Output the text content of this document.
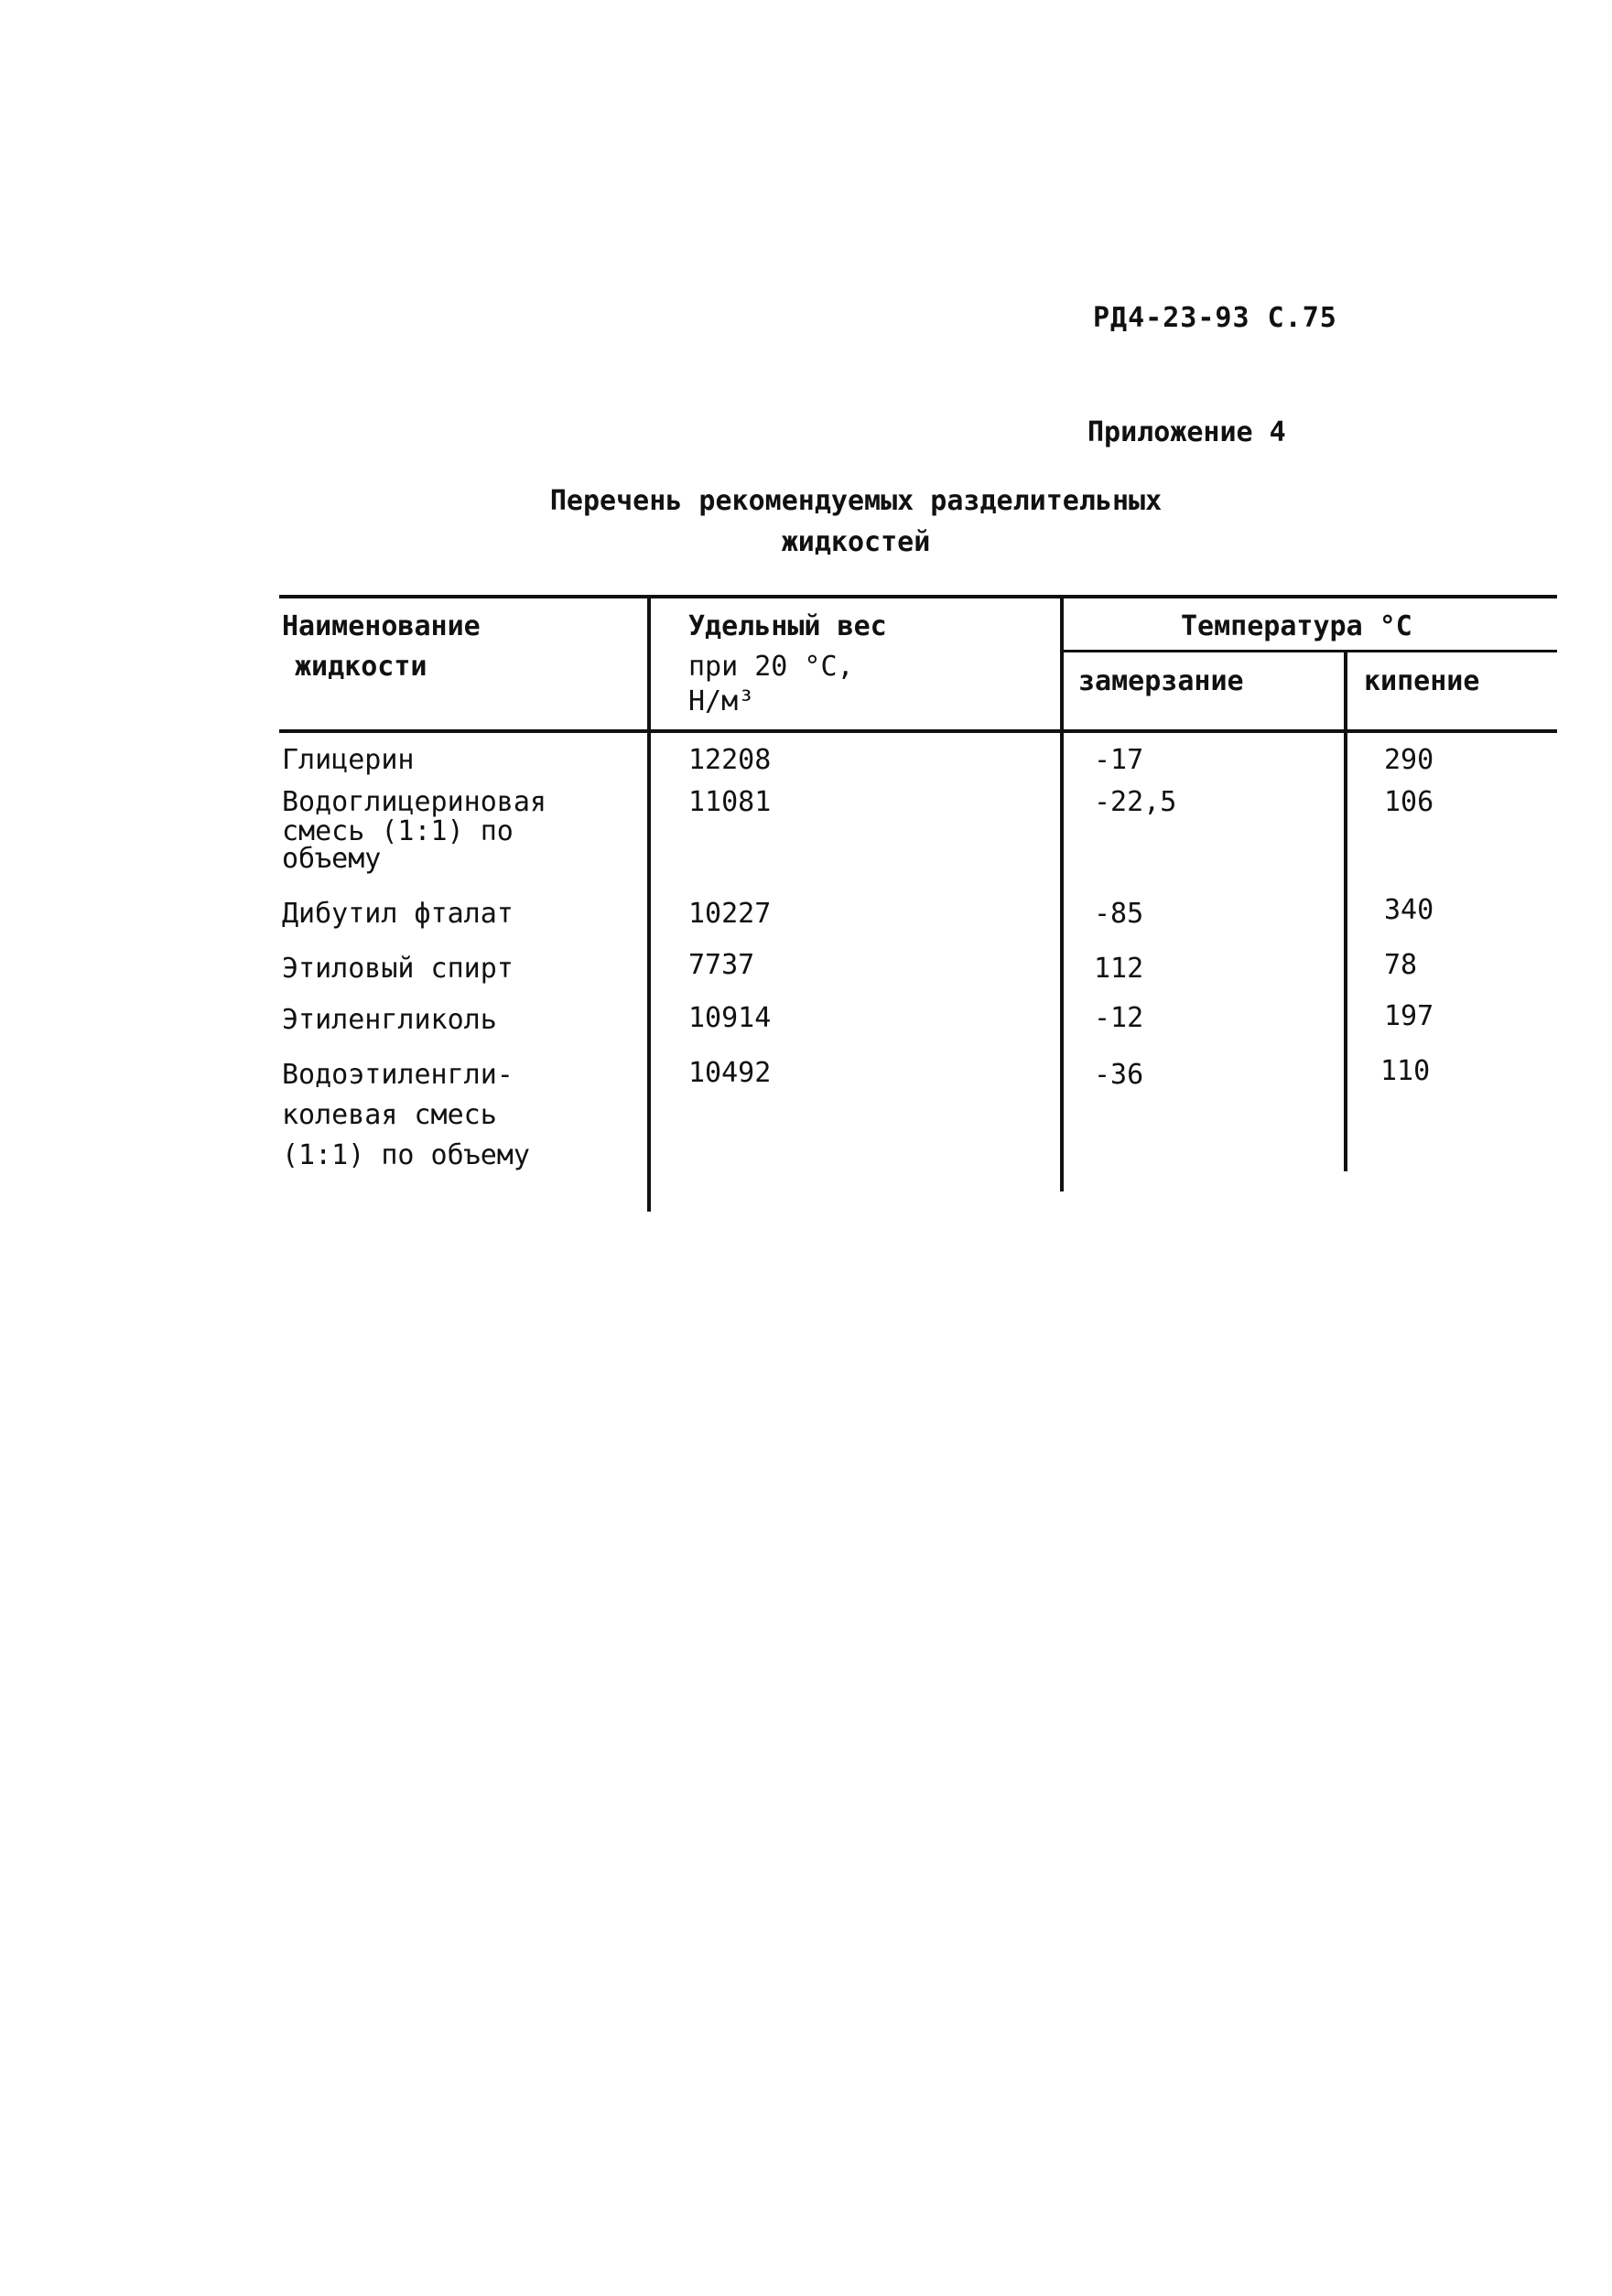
РД4-23-93 С.75
Приложение 4
Перечень рекомендуемых разделительных
жидкостей
Наименование
жидкости
Удельный вес
при 20 °С,
Н/м³
Температура °С
замерзание	кипение
Глицерин	12208	-17	290
Водоглицериновая
смесь (1:1) по
объему
11081	-22,5	106
Дибутил фталат	10227	-85	340
Этиловый спирт	7737	112	78
Этиленгликоль	10914	-12	197
Водоэтиленгли-
колевая смесь
(1:1) по объему
10492	-36	110
